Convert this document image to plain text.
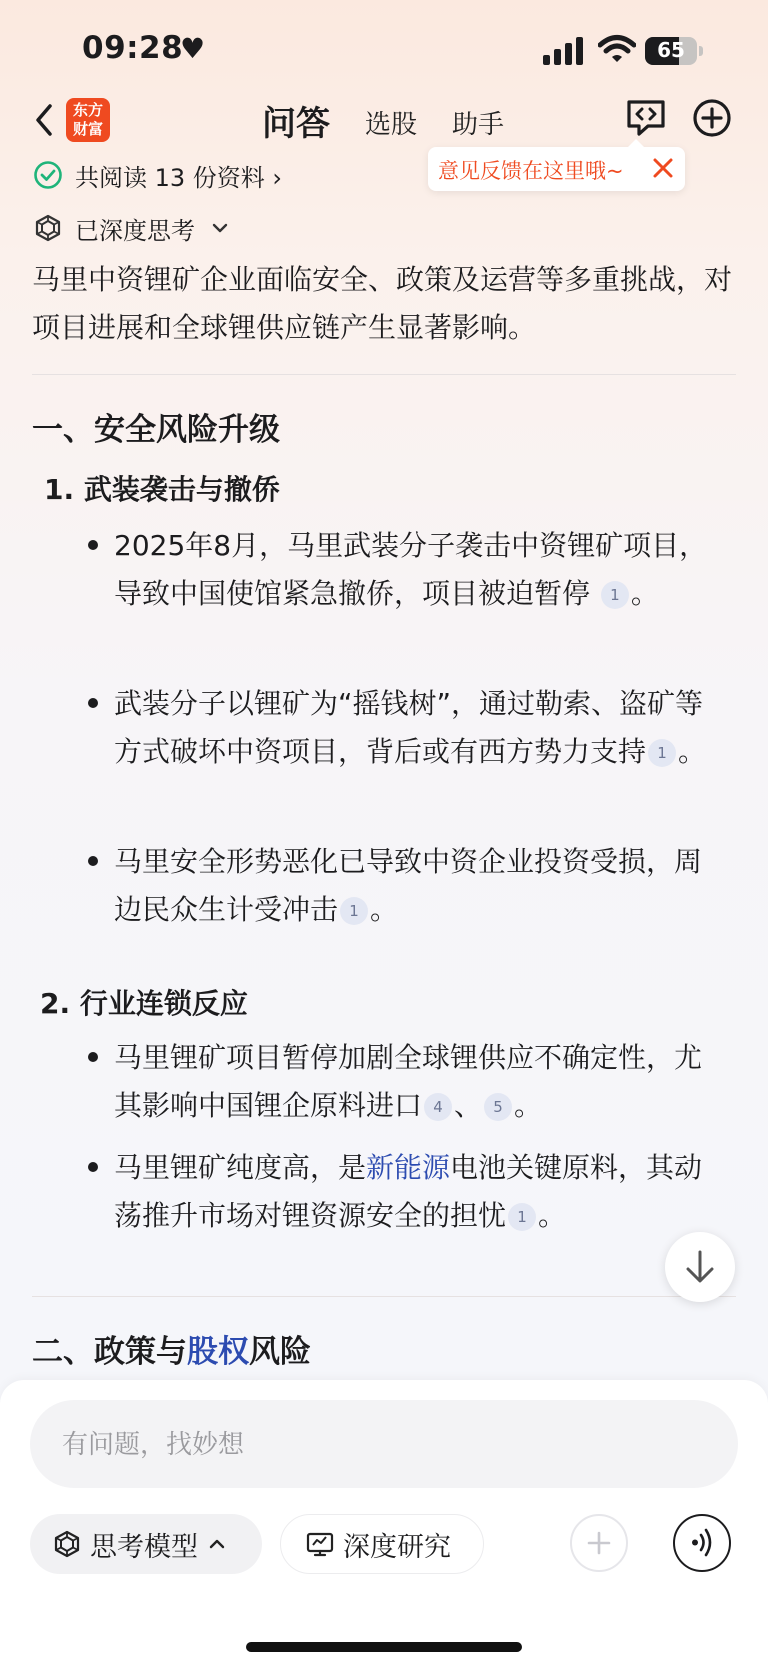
09:28
♥	65
东方
财富	问答 选股 助手
意见反馈在这里哦~
共阅读 13 份资料 ›
已深度思考
马里中资锂矿企业面临安全、政策及运营等多重挑战，对项目进展和全球锂供应链产生显著影响。
一、安全风险升级
1. 武装袭击与撤侨
2025年8月，马里武装分子袭击中资锂矿项目，导致中国使馆紧急撤侨，项目被迫暂停 1 。
武装分子以锂矿为“摇钱树”，通过勒索、盗矿等方式破坏中资项目，背后或有西方势力支持 1 。
马里安全形势恶化已导致中资企业投资受损，周边民众生计受冲击 1 。
2. 行业连锁反应
马里锂矿项目暂停加剧全球锂供应不确定性，尤其影响中国锂企原料进口 4 、 5 。
马里锂矿纯度高，是新能源电池关键原料，其动荡推升市场对锂资源安全的担忧 1 。
二、政策与股权风险
有问题，找妙想
思考模型	深度研究
